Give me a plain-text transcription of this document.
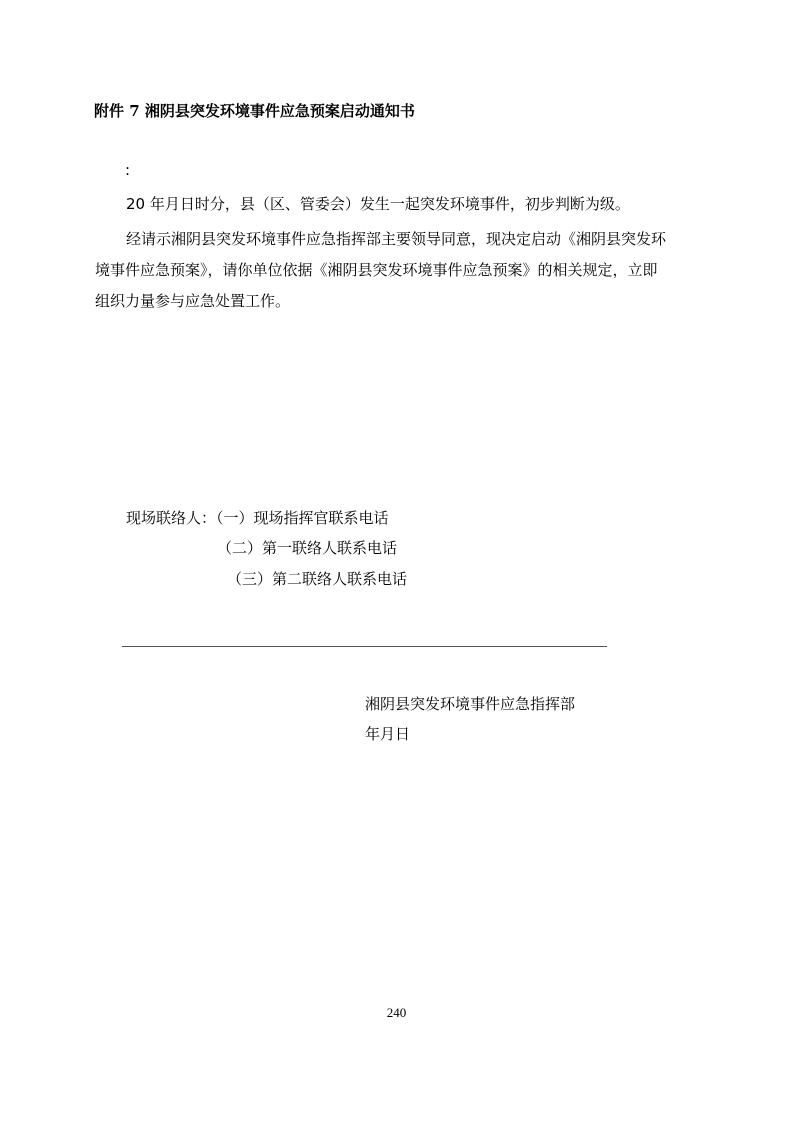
附件 7 湘阴县突发环境事件应急预案启动通知书
:
20 年月日时分，县（区、管委会）发生一起突发环境事件，初步判断为级。
经请示湘阴县突发环境事件应急指挥部主要领导同意，现决定启动《湘阴县突发环
境事件应急预案》，请你单位依据《湘阴县突发环境事件应急预案》的相关规定，立即
组织力量参与应急处置工作。
现场联络人：（一）现场指挥官联系电话
（二）第一联络人联系电话
（三）第二联络人联系电话
湘阴县突发环境事件应急指挥部
年月日
240
